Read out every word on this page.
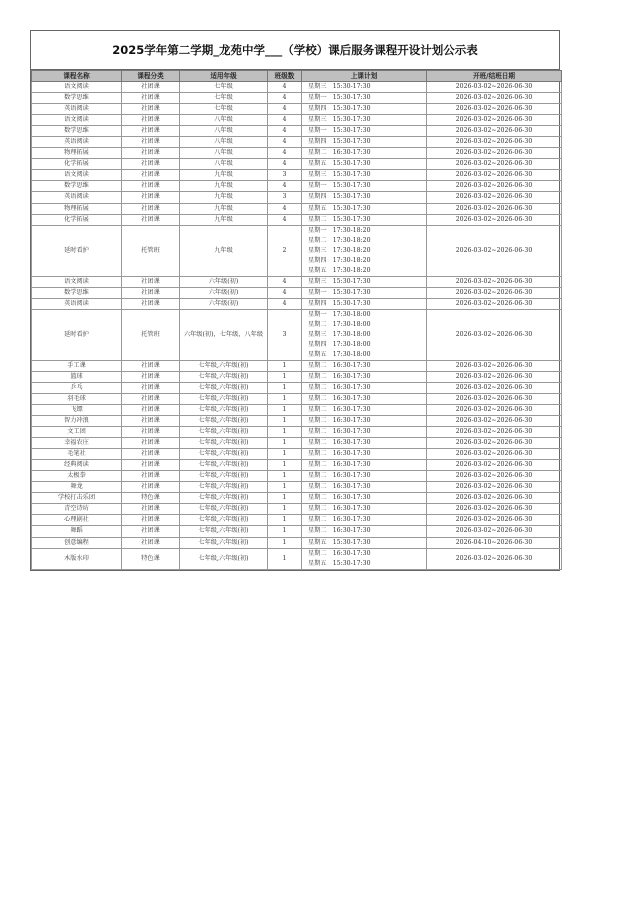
2025学年第二学期_龙苑中学___（学校）课后服务课程开设计划公示表
课程名称	课程分类	适用年级	班级数	上课计划	开班/结班日期
语文阅读	社团课	七年级	4	星期三　15:30-17:30	2026-03-02~2026-06-30
数学思维	社团课	七年级	4	星期一　15:30-17:30	2026-03-02~2026-06-30
英语阅读	社团课	七年级	4	星期四　15:30-17:30	2026-03-02~2026-06-30
语文阅读	社团课	八年级	4	星期三　15:30-17:30	2026-03-02~2026-06-30
数学思维	社团课	八年级	4	星期一　15:30-17:30	2026-03-02~2026-06-30
英语阅读	社团课	八年级	4	星期四　15:30-17:30	2026-03-02~2026-06-30
物理拓展	社团课	八年级	4	星期二　16:30-17:30	2026-03-02~2026-06-30
化学拓展	社团课	八年级	4	星期五　15:30-17:30	2026-03-02~2026-06-30
语文阅读	社团课	九年级	3	星期三　15:30-17:30	2026-03-02~2026-06-30
数学思维	社团课	九年级	4	星期一　15:30-17:30	2026-03-02~2026-06-30
英语阅读	社团课	九年级	3	星期四　15:30-17:30	2026-03-02~2026-06-30
物理拓展	社团课	九年级	4	星期五　15:30-17:30	2026-03-02~2026-06-30
化学拓展	社团课	九年级	4	星期二　15:30-17:30	2026-03-02~2026-06-30
延时看护	托管班	九年级	2	星期一　17:30-18:20
星期二　17:30-18:20
星期三　17:30-18:20
星期四　17:30-18:20
星期五　17:30-18:20	2026-03-02~2026-06-30
语文阅读	社团课	六年级(初)	4	星期三　15:30-17:30	2026-03-02~2026-06-30
数学思维	社团课	六年级(初)	4	星期一　15:30-17:30	2026-03-02~2026-06-30
英语阅读	社团课	六年级(初)	4	星期四　15:30-17:30	2026-03-02~2026-06-30
延时看护	托管班	六年级(初)，七年级，八年级	3	星期一　17:30-18:00
星期二　17:30-18:00
星期三　17:30-18:00
星期四　17:30-18:00
星期五　17:30-18:00	2026-03-02~2026-06-30
手工课	社团课	七年级,六年级(初)	1	星期二　16:30-17:30	2026-03-02~2026-06-30
篮球	社团课	七年级,六年级(初)	1	星期二　16:30-17:30	2026-03-02~2026-06-30
乒乓	社团课	七年级,六年级(初)	1	星期二　16:30-17:30	2026-03-02~2026-06-30
羽毛球	社团课	七年级,六年级(初)	1	星期二　16:30-17:30	2026-03-02~2026-06-30
飞镖	社团课	七年级,六年级(初)	1	星期二　16:30-17:30	2026-03-02~2026-06-30
智力冲浪	社团课	七年级,六年级(初)	1	星期二　16:30-17:30	2026-03-02~2026-06-30
文工团	社团课	七年级,六年级(初)	1	星期二　16:30-17:30	2026-03-02~2026-06-30
幸福农庄	社团课	七年级,六年级(初)	1	星期二　16:30-17:30	2026-03-02~2026-06-30
毛笔社	社团课	七年级,六年级(初)	1	星期二　16:30-17:30	2026-03-02~2026-06-30
经典阅读	社团课	七年级,六年级(初)	1	星期二　16:30-17:30	2026-03-02~2026-06-30
太极拳	社团课	七年级,六年级(初)	1	星期二　16:30-17:30	2026-03-02~2026-06-30
舞龙	社团课	七年级,六年级(初)	1	星期二　16:30-17:30	2026-03-02~2026-06-30
学校打击乐团	特色课	七年级,六年级(初)	1	星期二　16:30-17:30	2026-03-02~2026-06-30
青空诗坊	社团课	七年级,六年级(初)	1	星期二　16:30-17:30	2026-03-02~2026-06-30
心理剧社	社团课	七年级,六年级(初)	1	星期二　16:30-17:30	2026-03-02~2026-06-30
舞蹈	社团课	七年级,六年级(初)	1	星期二　16:30-17:30	2026-03-02~2026-06-30
创意编程	社团课	七年级,六年级(初)	1	星期五　15:30-17:30	2026-04-10~2026-06-30
木版水印	特色课	七年级,六年级(初)	1	星期二　16:30-17:30
星期五　15:30-17:30	2026-03-02~2026-06-30
